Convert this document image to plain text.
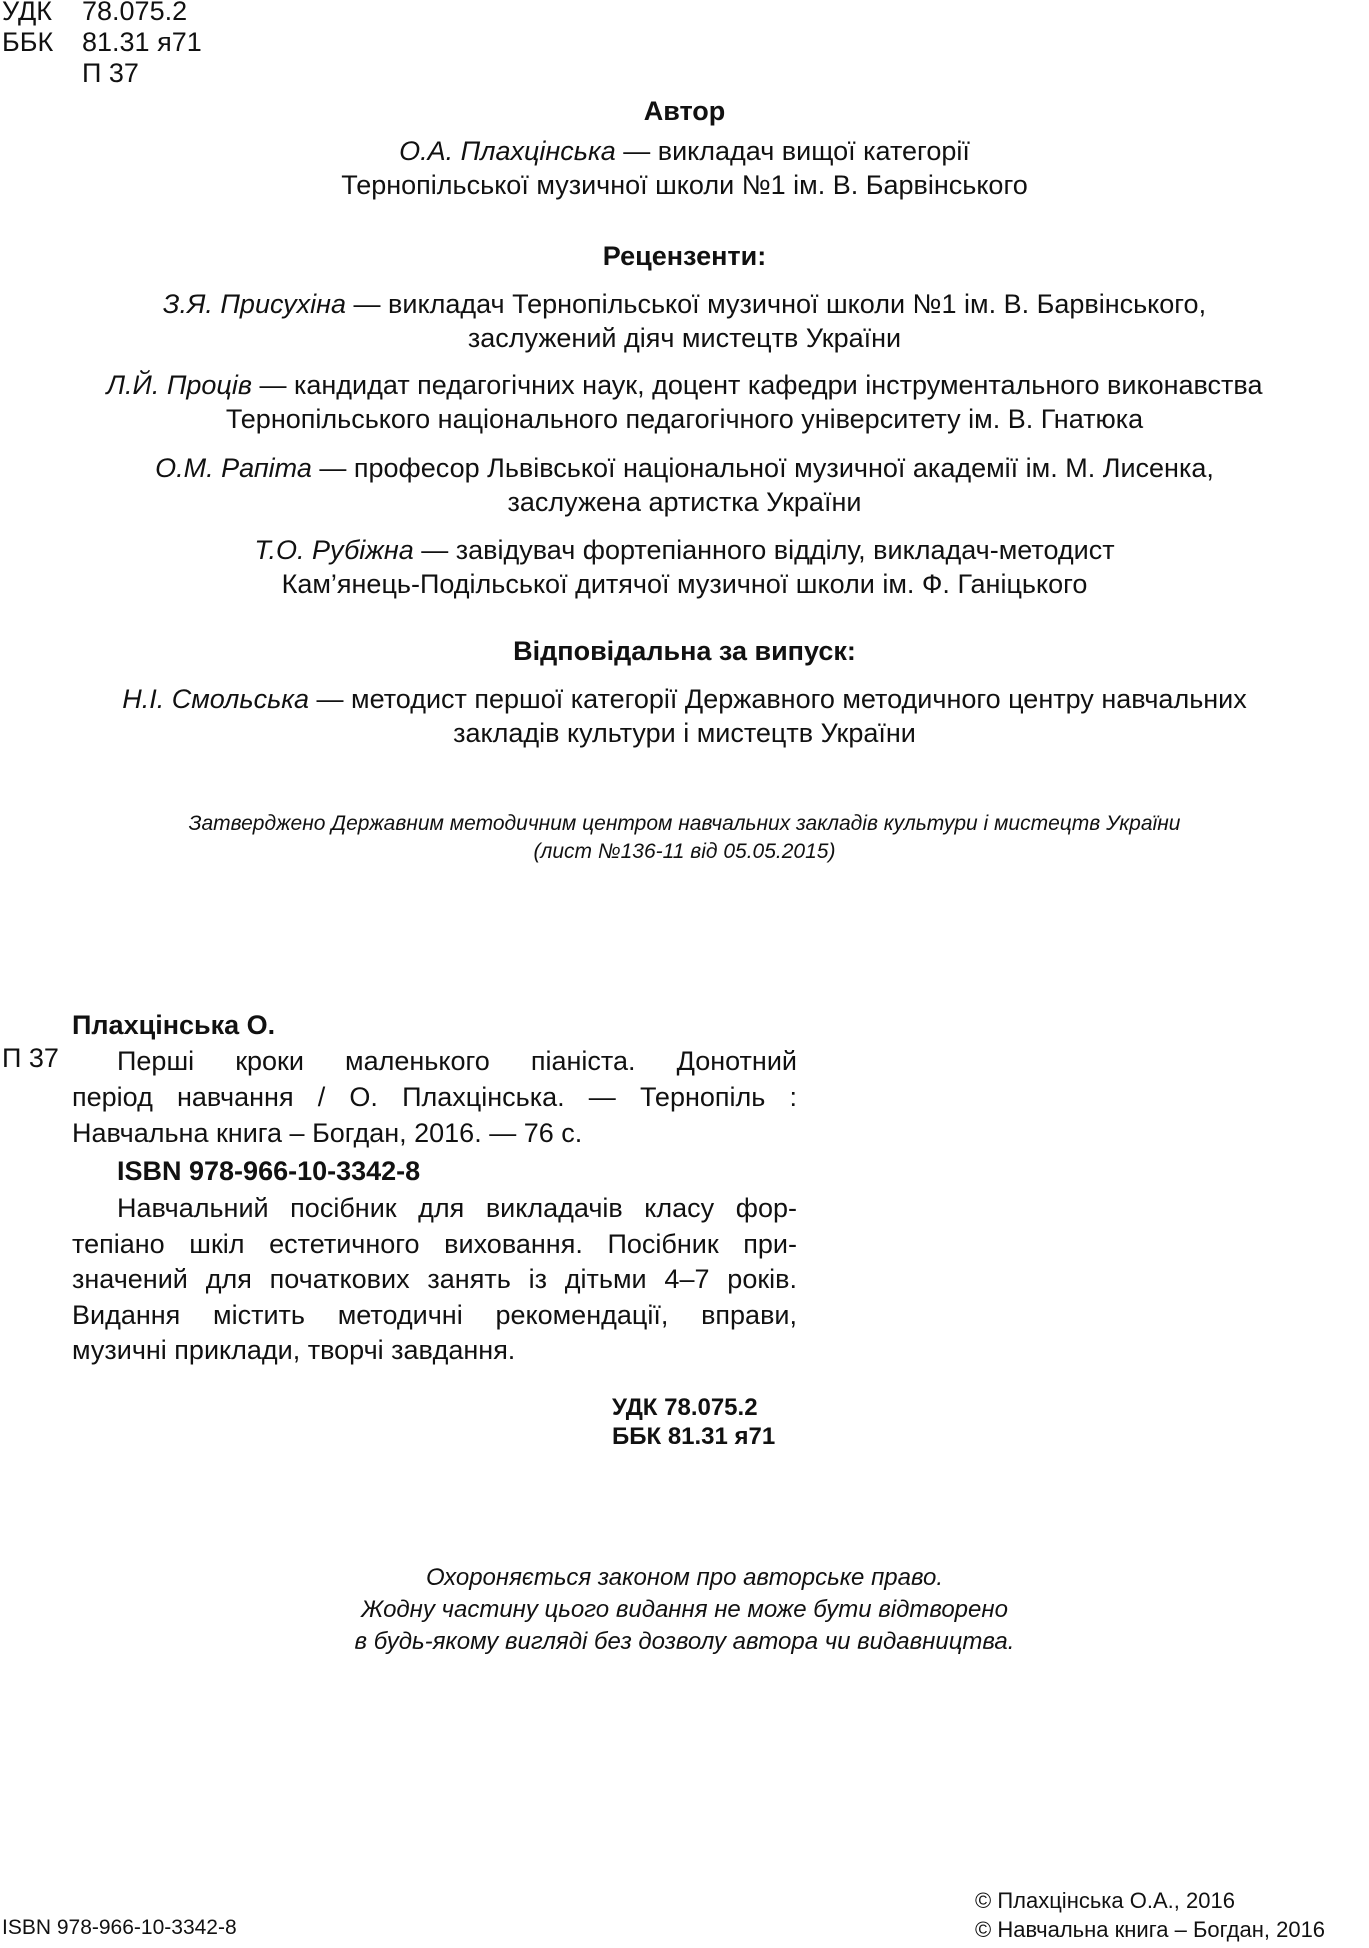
УДК 78.075.2
ББК 81.31 я71
П 37
Автор
О.А. Плахцінська — викладач вищої категорії
Тернопільської музичної школи №1 ім. В. Барвінського
Рецензенти:
З.Я. Присухіна — викладач Тернопільської музичної школи №1 ім. В. Барвінського,
заслужений діяч мистецтв України
Л.Й. Проців — кандидат педагогічних наук, доцент кафедри інструментального виконавства
Тернопільського національного педагогічного університету ім. В. Гнатюка
О.М. Рапіта — професор Львівської національної музичної академії ім. М. Лисенка,
заслужена артистка України
Т.О. Рубіжна — завідувач фортепіанного відділу, викладач-методист
Кам’янець-Подільської дитячої музичної школи ім. Ф. Ганіцького
Відповідальна за випуск:
Н.І. Смольська — методист першої категорії Державного методичного центру навчальних
закладів культури і мистецтв України
Затверджено Державним методичним центром навчальних закладів культури і мистецтв України
(лист №136-11 від 05.05.2015)
Плахцінська О.
П 37 Перші кроки маленького піаніста. Донотний
період навчання / О. Плахцінська. — Тернопіль :
Навчальна книга – Богдан, 2016. — 76 с.
ISBN 978-966-10-3342-8
Навчальний посібник для викладачів класу фор-
тепіано шкіл естетичного виховання. Посібник при-
значений для початкових занять із дітьми 4–7 років.
Видання містить методичні рекомендації, вправи,
музичні приклади, творчі завдання.
УДК 78.075.2
ББК 81.31 я71
Охороняється законом про авторське право.
Жодну частину цього видання не може бути відтворено
в будь-якому вигляді без дозволу автора чи видавництва.
ISBN 978-966-10-3342-8
© Плахцінська О.А., 2016
© Навчальна книга – Богдан, 2016
